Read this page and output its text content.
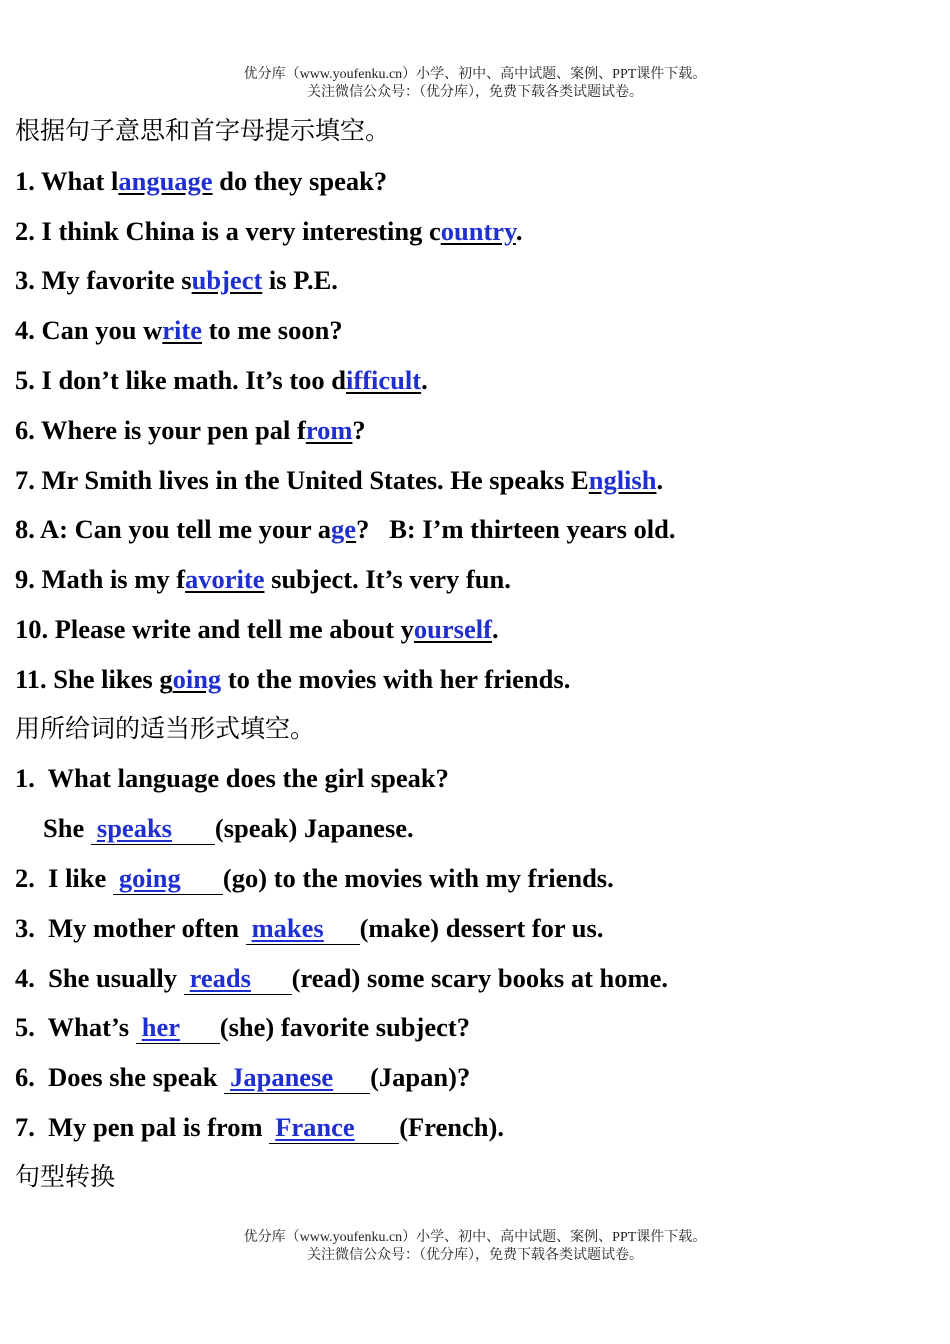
优分库（www.youfenku.cn）小学、初中、高中试题、案例、PPT课件下载。
关注微信公众号：（优分库），免费下载各类试题试卷。
根据句子意思和首字母提示填空。
1. What language do they speak?
2. I think China is a very interesting country.
3. My favorite subject is P.E.
4. Can you write to me soon?
5. I don’t like math. It’s too difficult.
6. Where is your pen pal from?
7. Mr Smith lives in the United States. He speaks English.
8. A: Can you tell me your age?   B: I’m thirteen years old.
9. Math is my favorite subject. It’s very fun.
10. Please write and tell me about yourself.
11. She likes going to the movies with her friends.
用所给词的适当形式填空。
1.  What language does the girl speak?
She speaks (speak) Japanese.
2.  I like going (go) to the movies with my friends.
3.  My mother often makes (make) dessert for us.
4.  She usually reads (read) some scary books at home.
5.  What’s her (she) favorite subject?
6.  Does she speak Japanese (Japan)?
7.  My pen pal is from France (French).
句型转换
优分库（www.youfenku.cn）小学、初中、高中试题、案例、PPT课件下载。
关注微信公众号：（优分库），免费下载各类试题试卷。
